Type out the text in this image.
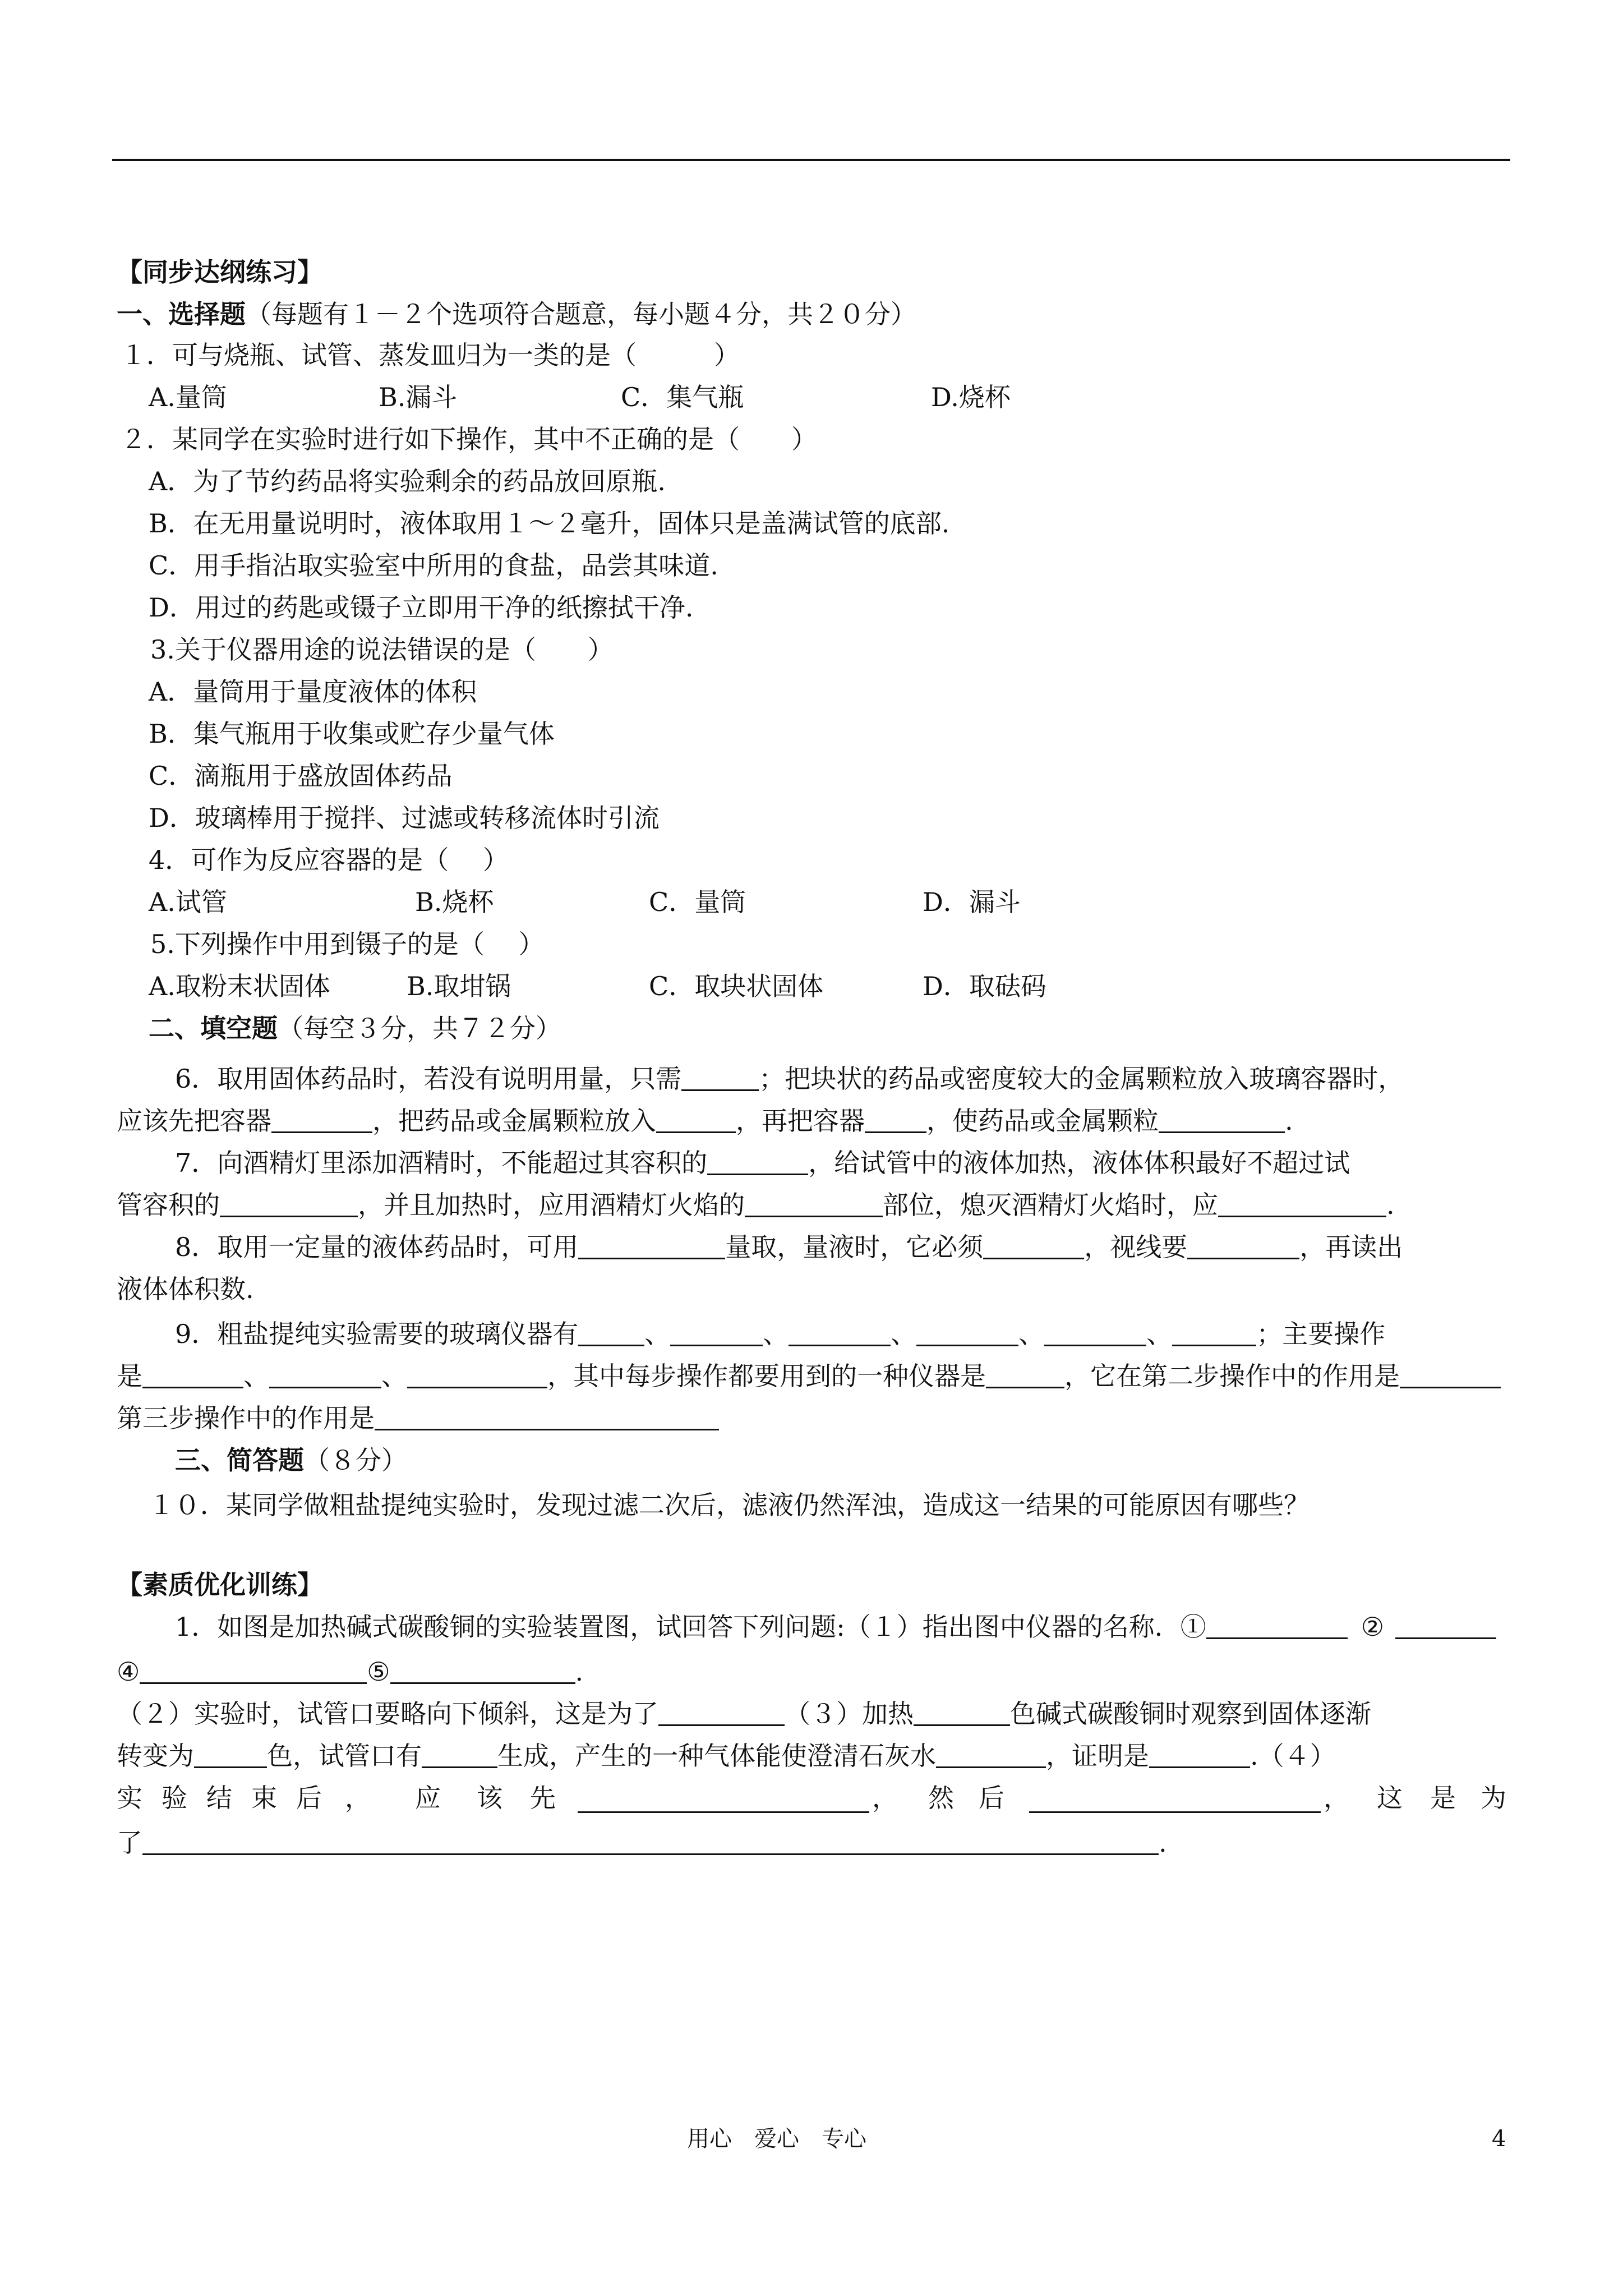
【同步达纲练习】
一、选择题（每题有１－２个选项符合题意，每小题４分，共２０分）
１．可与烧瓶、试管、蒸发皿归为一类的是（　　　）
A.量筒	B.漏斗	C．集气瓶	D.烧杯
２．某同学在实验时进行如下操作，其中不正确的是（　　）
A．为了节约药品将实验剩余的药品放回原瓶.
B．在无用量说明时，液体取用１～２毫升，固体只是盖满试管的底部.
C．用手指沾取实验室中所用的食盐，品尝其味道.
D．用过的药匙或镊子立即用干净的纸擦拭干净.
3.关于仪器用途的说法错误的是（　　）
A．量筒用于量度液体的体积
B．集气瓶用于收集或贮存少量气体
C．滴瓶用于盛放固体药品
D．玻璃棒用于搅拌、过滤或转移流体时引流
4．可作为反应容器的是（　 ）
A.试管	B.烧杯	C．量筒	D．漏斗
5.下列操作中用到镊子的是（　 ）
A.取粉末状固体	B.取坩锅	C．取块状固体	D．取砝码
二、填空题（每空３分，共７２分）
6．取用固体药品时，若没有说明用量，只需	；把块状的药品或密度较大的金属颗粒放入玻璃容器时，
应该先把容器	，把药品或金属颗粒放入	，再把容器 ，使药品或金属颗粒	.
7．向酒精灯里添加酒精时，不能超过其容积的	，给试管中的液体加热，液体体积最好不超过试
管容积的	，并且加热时，应用酒精灯火焰的	部位，熄灭酒精灯火焰时，应	.
8．取用一定量的液体药品时，可用	量取，量液时，它必须	，视线要	，再读出
液体体积数.
9．粗盐提纯实验需要的玻璃仪器有	、	、	、	、	、	；主要操作
是	、	、	，其中每步操作都要用到的一种仪器是	，它在第二步操作中的作用是
第三步操作中的作用是
三、简答题（８分）
１０．某同学做粗盐提纯实验时，发现过滤二次后，滤液仍然浑浊，造成这一结果的可能原因有哪些？
【素质优化训练】
1．如图是加热碱式碳酸铜的实验装置图，试回答下列问题:（１）指出图中仪器的名称．①	②
④	⑤	.
（２）实验时，试管口要略向下倾斜，这是为了	（３）加热	色碱式碳酸铜时观察到固体逐渐
转变为	色，试管口有	生成，产生的一种气体能使澄清石灰水	，证明是	.（４）
实 验 结 束 后 ， 应 该 先	， 然 后	， 这 是 为
了	.
用心　爱心　专心	4
